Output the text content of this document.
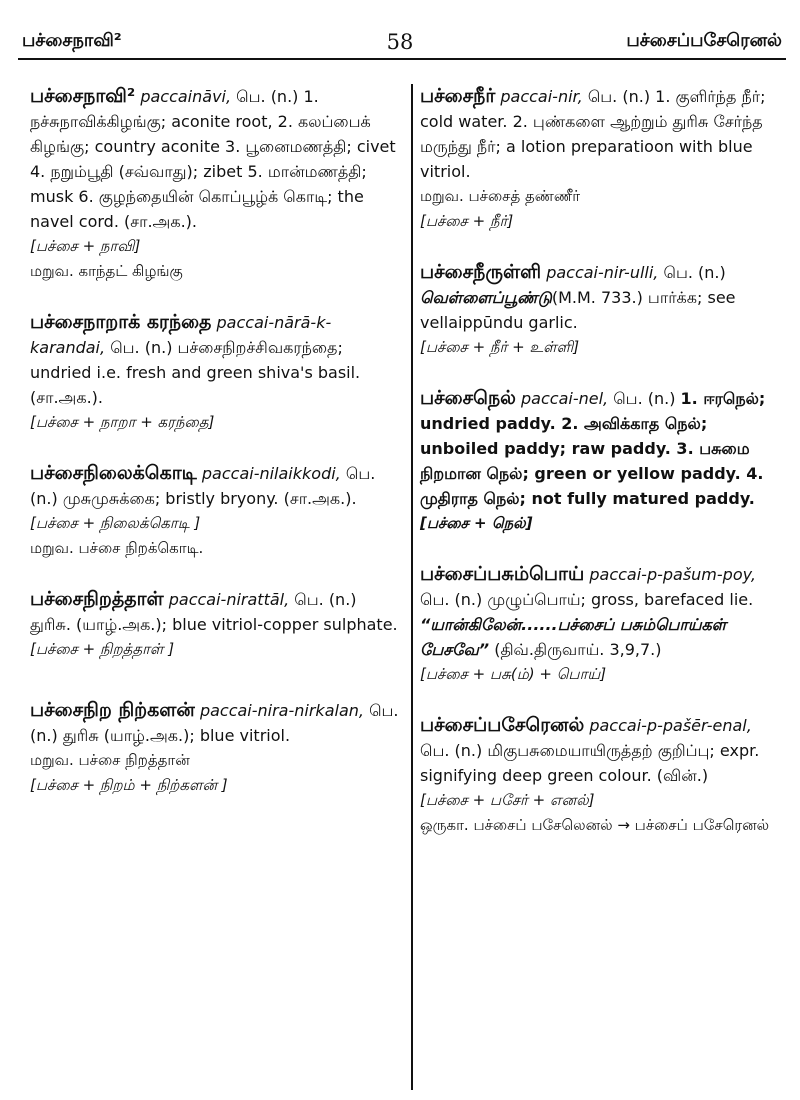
பச்சைநாவி²	58	பச்சைப்பசேரெனல்

பச்சைநாவி² paccaināvi, பெ. (n.) 1. நச்சுநாவிக்கிழங்கு; aconite root, 2. கலப்பைக் கிழங்கு; country aconite 3. பூனைமணத்தி; civet 4. நறும்பூதி (சவ்வாது); zibet 5. மான்மணத்தி; musk 6. குழந்தையின் கொப்பூழ்க் கொடி; the navel cord. (சா.அக.).

[பச்சை + நாவி]

மறுவ. காந்தட் கிழங்கு

பச்சைநாறாக் கரந்தை paccai-nārā-k-karandai, பெ. (n.) பச்சைநிறச்சிவகரந்தை; undried i.e. fresh and green shiva's basil. (சா.அக.).

[பச்சை + நாறா + கரந்தை]

பச்சைநிலைக்கொடி paccai-nilaikkodi, பெ. (n.) முசுமுசுக்கை; bristly bryony. (சா.அக.).

[பச்சை + நிலைக்கொடி ]

மறுவ. பச்சை நிறக்கொடி.

பச்சைநிறத்தாள் paccai-nirattāl, பெ. (n.) துரிசு. (யாழ்.அக.); blue vitriol-copper sulphate.

[பச்சை + நிறத்தாள் ]

பச்சைநிற நிற்களன் paccai-nira-nirkalan, பெ. (n.) துரிசு (யாழ்.அக.); blue vitriol.

மறுவ. பச்சை நிறத்தான்

[பச்சை + நிறம் + நிற்களன் ]

பச்சைநீர் paccai-nir, பெ. (n.) 1. குளிர்ந்த நீர்; cold water. 2. புண்களை ஆற்றும் துரிசு சேர்ந்த மருந்து நீர்; a lotion preparatioon with blue vitriol.

மறுவ. பச்சைத் தண்ணீர்

[பச்சை + நீர்]

பச்சைநீருள்ளி paccai-nir-ulli, பெ. (n.) வெள்ளைப்பூண்டு(M.M. 733.) பார்க்க; see vellaippūndu garlic.

[பச்சை + நீர் + உள்ளி]

பச்சைநெல் paccai-nel, பெ. (n.) 1. ஈரநெல்; undried paddy. 2. அவிக்காத நெல்; unboiled paddy; raw paddy. 3. பசுமை நிறமான நெல்; green or yellow paddy. 4. முதிராத நெல்; not fully matured paddy.

[பச்சை + நெல்]

பச்சைப்பசும்பொய் paccai-p-pašum-poy, பெ. (n.) முழுப்பொய்; gross, barefaced lie. “யான்கிலேன்......பச்சைப் பசும்பொய்கள் பேசவே” (திவ்.திருவாய். 3,9,7.)

[பச்சை + பசு(ம்) + பொய்]

பச்சைப்பசேரெனல் paccai-p-pašēr-enal, பெ. (n.) மிகுபசுமையாயிருத்தற் குறிப்பு; expr. signifying deep green colour. (வின்.)

[பச்சை + பசேர் + எனல்]

ஒருகா. பச்சைப் பசேலெனல் → பச்சைப் பசேரெனல்
